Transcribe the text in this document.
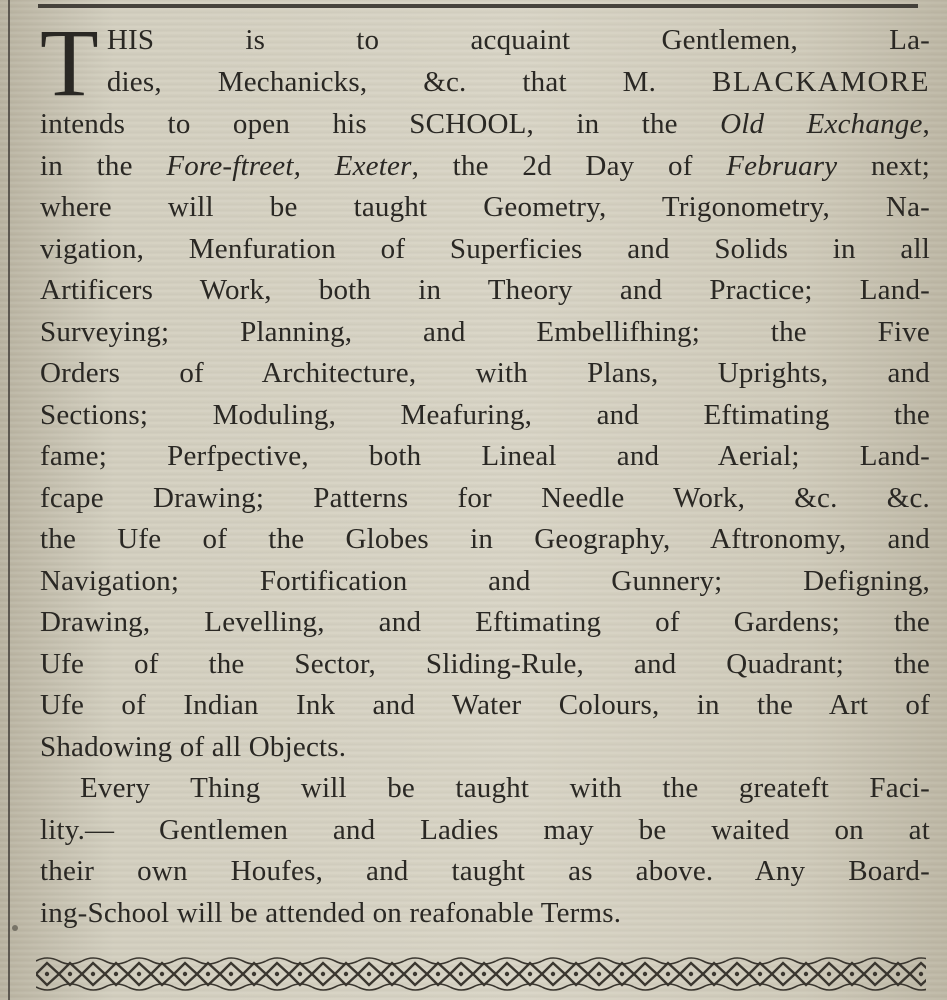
T HIS is to acquaint Gentlemen, La-
dies, Mechanicks, &c. that M. BLACKAMORE
intends to open his SCHOOL, in the Old Exchange,
in the Fore-ftreet, Exeter, the 2d Day of February next;
where will be taught Geometry, Trigonometry, Na-
vigation, Menfuration of Superficies and Solids in all
Artificers Work, both in Theory and Practice; Land-
Surveying; Planning, and Embellifhing; the Five
Orders of Architecture, with Plans, Uprights, and
Sections; Moduling, Meafuring, and Eftimating the
fame; Perfpective, both Lineal and Aerial; Land-
fcape Drawing; Patterns for Needle Work, &c. &c.
the Ufe of the Globes in Geography, Aftronomy, and
Navigation; Fortification and Gunnery; Defigning,
Drawing, Levelling, and Eftimating of Gardens; the
Ufe of the Sector, Sliding-Rule, and Quadrant; the
Ufe of Indian Ink and Water Colours, in the Art of
Shadowing of all Objects.
Every Thing will be taught with the greateft Faci-
lity.— Gentlemen and Ladies may be waited on at
their own Houfes, and taught as above. Any Board-
ing-School will be attended on reafonable Terms.
